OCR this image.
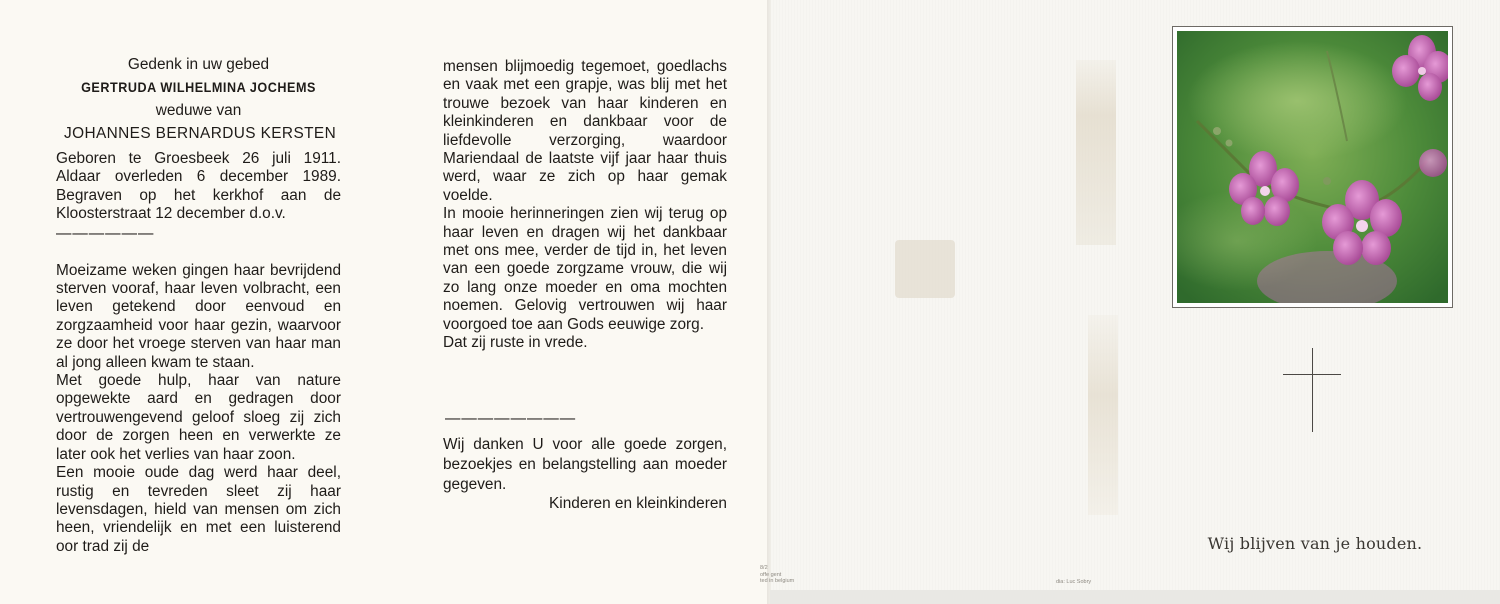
Gedenk in uw gebed
GERTRUDA WILHELMINA JOCHEMS
weduwe van
JOHANNES BERNARDUS KERSTEN

Geboren te Groesbeek 26 juli 1911. Aldaar overleden 6 december 1989. Begraven op het kerkhof aan de Kloosterstraat 12 december d.o.v.

Moeizame weken gingen haar bevrijdend sterven vooraf, haar leven volbracht, een leven getekend door eenvoud en zorgzaamheid voor haar gezin, waarvoor ze door het vroege sterven van haar man al jong alleen kwam te staan.

Met goede hulp, haar van nature opgewekte aard en gedragen door vertrouwengevend geloof sloeg zij zich door de zorgen heen en verwerkte ze later ook het verlies van haar zoon.

Een mooie oude dag werd haar deel, rustig en tevreden sleet zij haar levensdagen, hield van mensen om zich heen, vriendelijk en met een luisterend oor trad zij de

——————

mensen blijmoedig tegemoet, goedlachs en vaak met een grapje, was blij met het trouwe bezoek van haar kinderen en kleinkinderen en dankbaar voor de liefdevolle verzorging, waardoor Mariendaal de laatste vijf jaar haar thuis werd, waar ze zich op haar gemak voelde.

In mooie herinneringen zien wij terug op haar leven en dragen wij het dankbaar met ons mee, verder de tijd in, het leven van een goede zorgzame vrouw, die wij zo lang onze moeder en oma mochten noemen. Gelovig vertrouwen wij haar voorgoed toe aan Gods eeuwige zorg.

Dat zij ruste in vrede.

————————
Wij danken U voor alle goede zorgen, bezoekjes en belangstelling aan moeder gegeven.
Kinderen en kleinkinderen
Wij blijven van je houden.
8/2
offe gent
ted in belgium	dia: Luc Sobry
